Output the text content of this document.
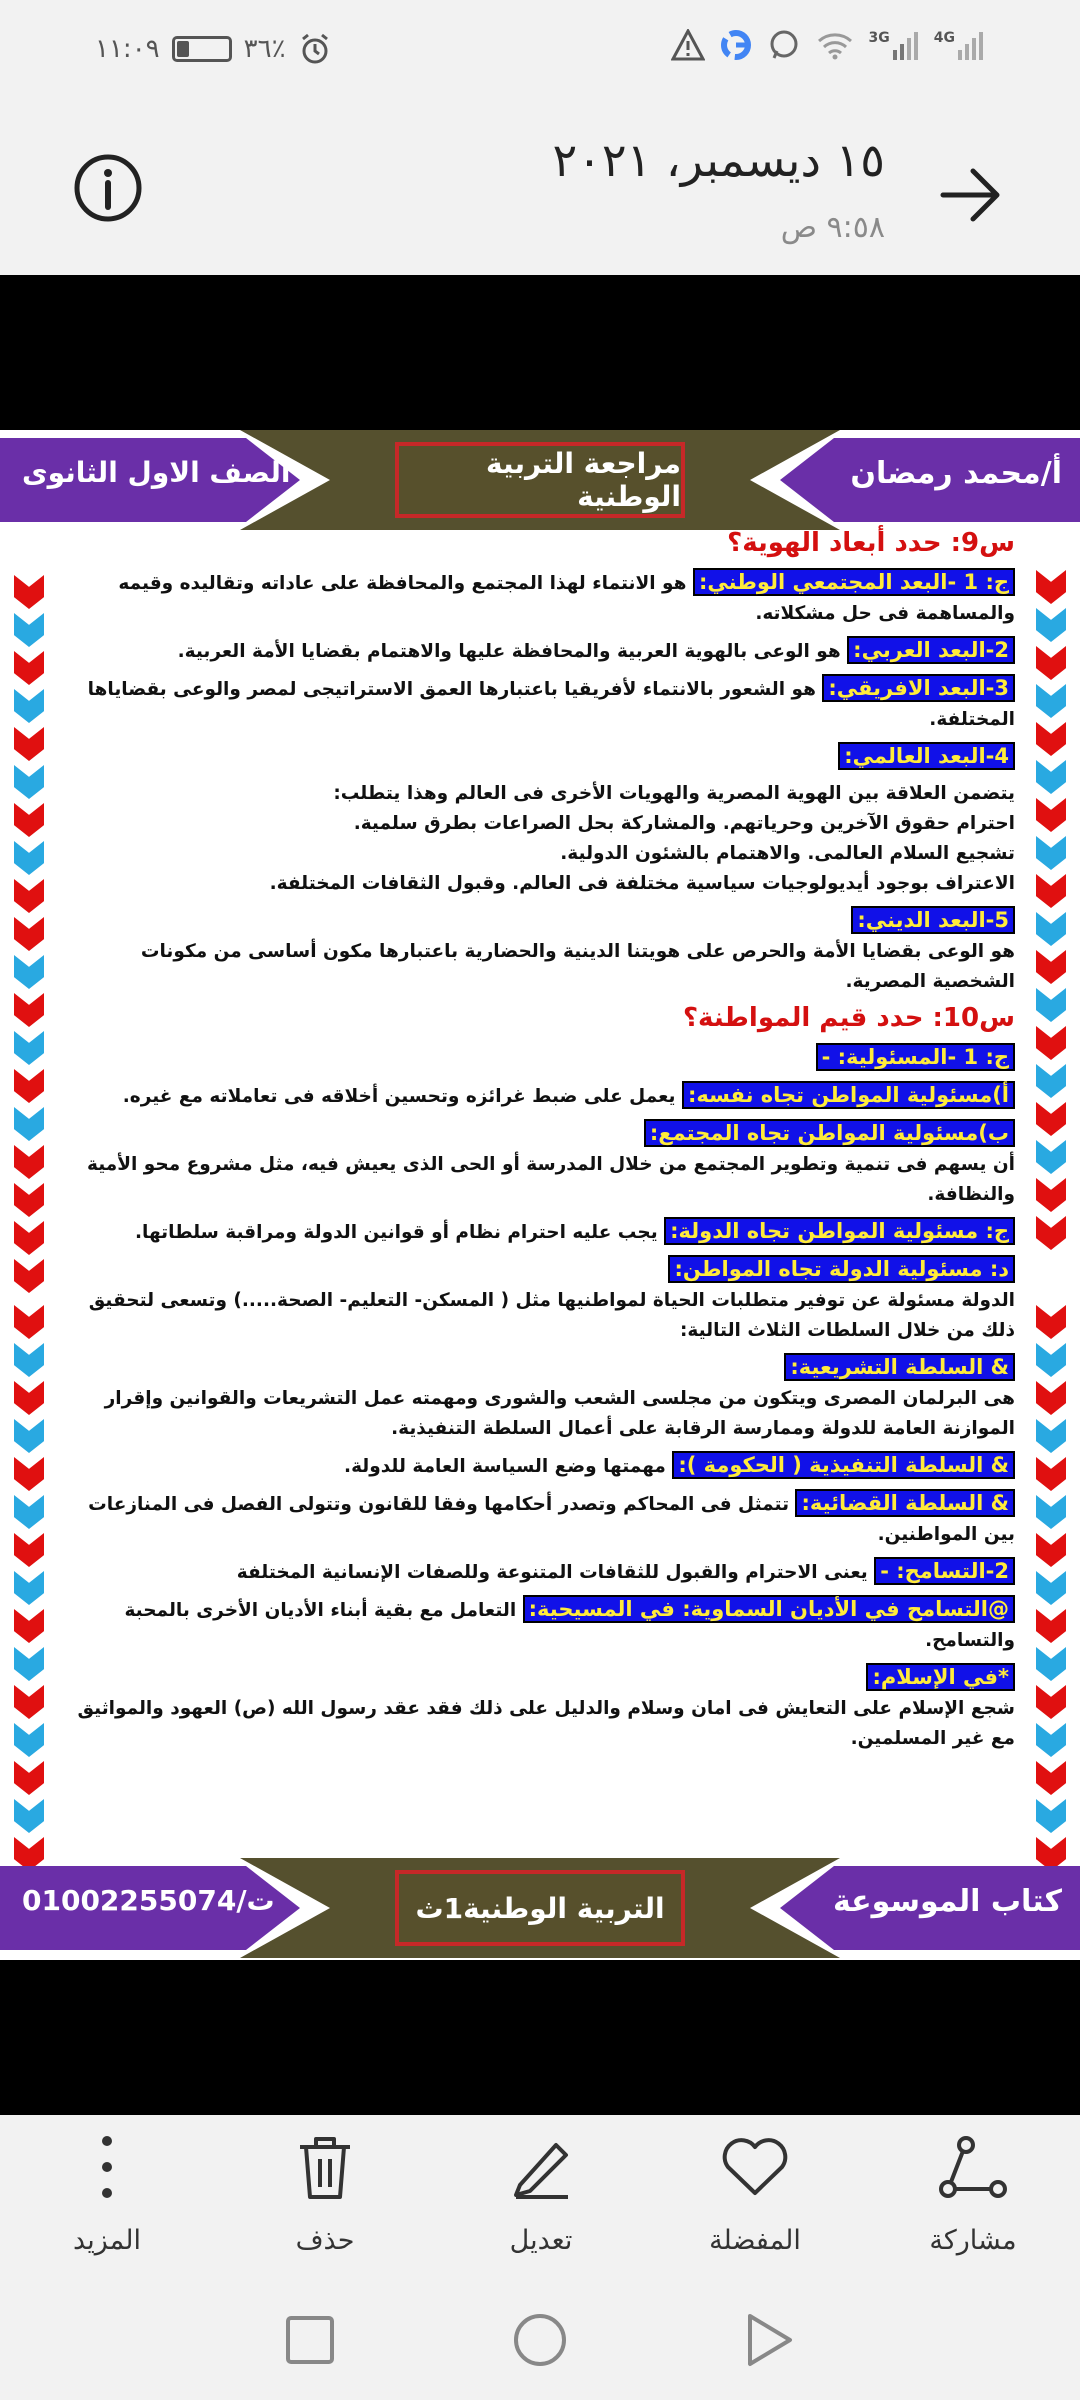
١١:٠٩	٣٦٪	3G	4G
١٥ ديسمبر، ٢٠٢١
٩:٥٨ ص
مراجعة التربية الوطنية
أ/محمد رمضان
الصف الاول الثانوى

س9: حدد أبعاد الهوية؟

ج: 1 -البعد المجتمعي الوطني: هو الانتماء لهذا المجتمع والمحافظة على عاداته وتقاليده وقيمه والمساهمة فى حل مشكلاته.

2-البعد العربي: هو الوعى بالهوية العربية والمحافظة عليها والاهتمام بقضايا الأمة العربية.

3-البعد الافريقي: هو الشعور بالانتماء لأفريقيا باعتبارها العمق الاستراتيجى لمصر والوعى بقضاياها المختلفة.

4-البعد العالمي:

يتضمن العلاقة بين الهوية المصرية والهويات الأخرى فى العالم وهذا يتطلب:

احترام حقوق الآخرين وحرياتهم. والمشاركة بحل الصراعات بطرق سلمية.

تشجيع السلام العالمى. والاهتمام بالشئون الدولية.

الاعتراف بوجود أيديولوجيات سياسية مختلفة فى العالم. وقبول الثقافات المختلفة.

5-البعد الديني:

هو الوعى بقضايا الأمة والحرص على هويتنا الدينية والحضارية باعتبارها مكون أساسى من مكونات الشخصية المصرية.

س10: حدد قيم المواطنة؟

ج: 1 -المسئولية: -

أ)مسئولية المواطن تجاه نفسه: يعمل على ضبط غرائزه وتحسين أخلاقه فى تعاملاته مع غيره.

ب)مسئولية المواطن تجاه المجتمع:

أن يسهم فى تنمية وتطوير المجتمع من خلال المدرسة أو الحى الذى يعيش فيه، مثل مشروع محو الأمية والنظافة.

ج: مسئولية المواطن تجاه الدولة: يجب عليه احترام نظام أو قوانين الدولة ومراقبة سلطاتها.

د: مسئولية الدولة تجاه المواطن:

الدولة مسئولة عن توفير متطلبات الحياة لمواطنيها مثل ( المسكن- التعليم- الصحة.....) وتسعى لتحقيق ذلك من خلال السلطات الثلاث التالية:

& السلطة التشريعية:

هى البرلمان المصرى ويتكون من مجلسى الشعب والشورى ومهمته عمل التشريعات والقوانين وإقرار الموازنة العامة للدولة وممارسة الرقابة على أعمال السلطة التنفيذية.

& السلطة التنفيذية ( الحكومة ): مهمتها وضع السياسة العامة للدولة.

& السلطة القضائية: تتمثل فى المحاكم وتصدر أحكامها وفقا للقانون وتتولى الفصل فى المنازعات بين المواطنين.

2-التسامح: - يعنى الاحترام والقبول للثقافات المتنوعة وللصفات الإنسانية المختلفة

@التسامح في الأديان السماوية: في المسيحية: التعامل مع بقية أبناء الأديان الأخرى بالمحبة والتسامح.

*في الإسلام:

شجع الإسلام على التعايش فى امان وسلام والدليل على ذلك فقد عقد رسول الله (ص) العهود والمواثيق مع غير المسلمين.

التربية الوطنية1ث	كتاب الموسوعة
ت/01002255074
مشاركة
المفضلة
تعديل
حذف
المزيد
